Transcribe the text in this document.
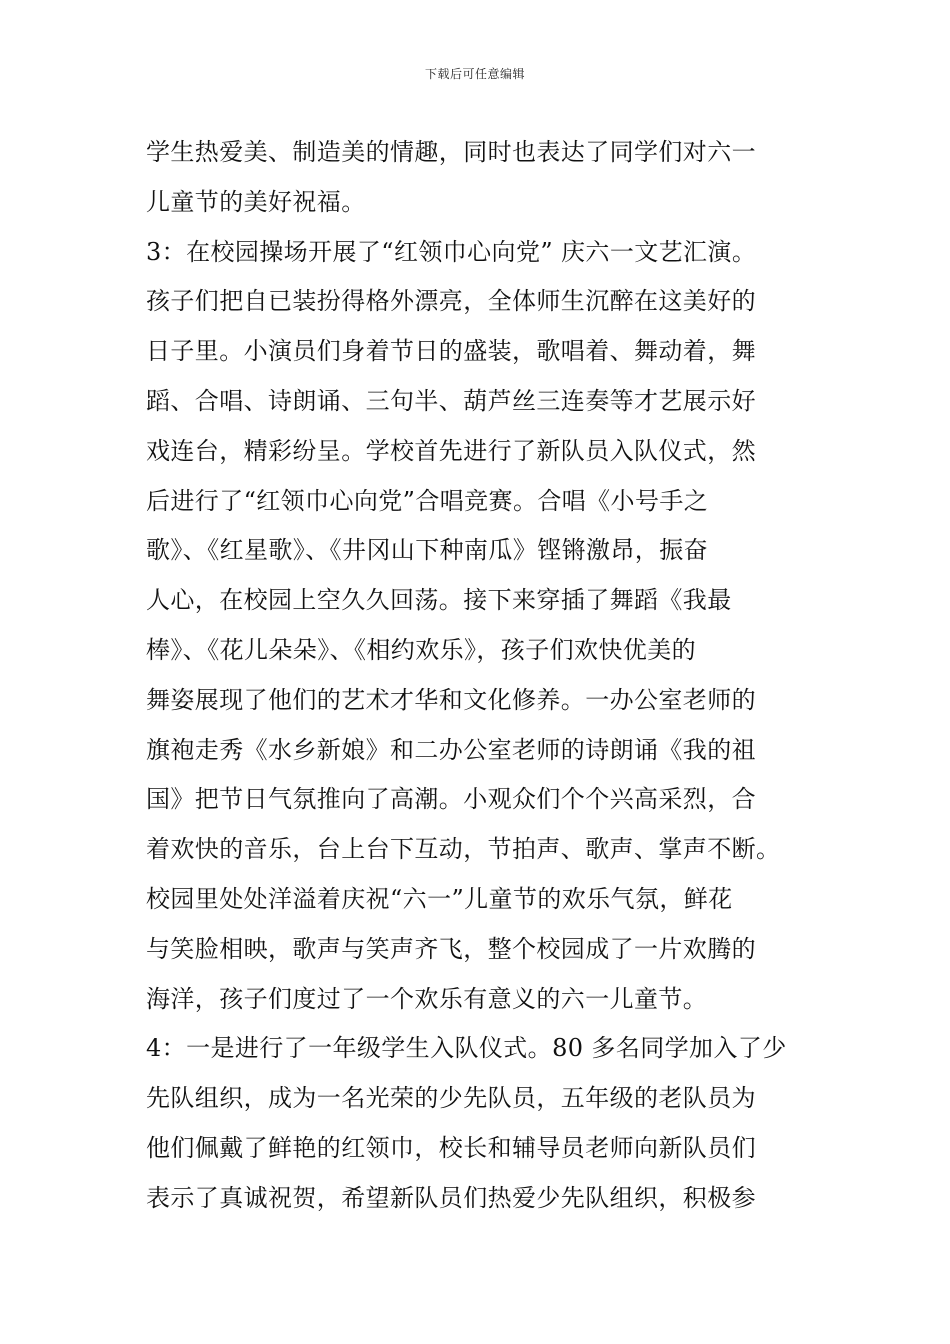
下载后可任意编辑
学生热爱美、制造美的情趣，同时也表达了同学们对六一
儿童节的美好祝福。
3：在校园操场开展了“红领巾心向党” 庆六一文艺汇演。
孩子们把自已装扮得格外漂亮，全体师生沉醉在这美好的
日子里。小演员们身着节日的盛装，歌唱着、舞动着，舞
蹈、合唱、诗朗诵、三句半、葫芦丝三连奏等才艺展示好
戏连台，精彩纷呈。学校首先进行了新队员入队仪式，然
后进行了“红领巾心向党”合唱竞赛。合唱《小号手之
歌》、《红星歌》、《井冈山下种南瓜》铿锵激昂，振奋
人心，在校园上空久久回荡。接下来穿插了舞蹈《我最
棒》、《花儿朵朵》、《相约欢乐》，孩子们欢快优美的
舞姿展现了他们的艺术才华和文化修养。一办公室老师的
旗袍走秀《水乡新娘》和二办公室老师的诗朗诵《我的祖
国》把节日气氛推向了高潮。小观众们个个兴高采烈，合
着欢快的音乐，台上台下互动，节拍声、歌声、掌声不断。
校园里处处洋溢着庆祝“六一”儿童节的欢乐气氛，鲜花
与笑脸相映，歌声与笑声齐飞，整个校园成了一片欢腾的
海洋，孩子们度过了一个欢乐有意义的六一儿童节。
4：一是进行了一年级学生入队仪式。80 多名同学加入了少
先队组织，成为一名光荣的少先队员，五年级的老队员为
他们佩戴了鲜艳的红领巾，校长和辅导员老师向新队员们
表示了真诚祝贺，希望新队员们热爱少先队组织，积极参
